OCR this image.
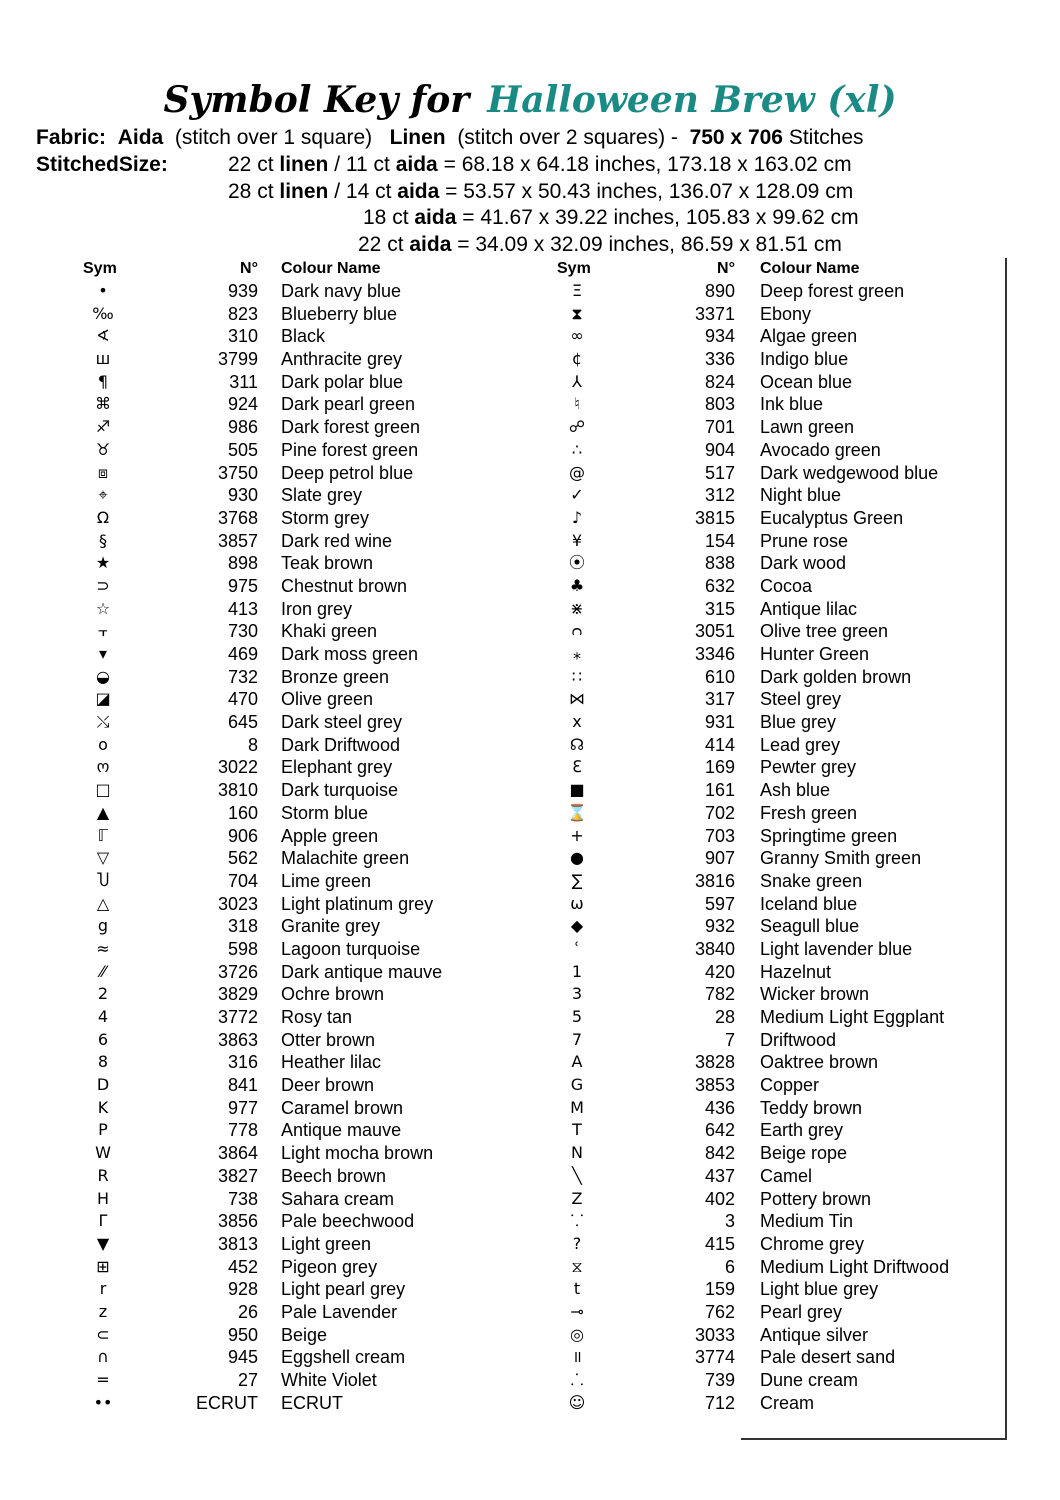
Symbol Key for Halloween Brew (xl)
Fabric: Aida (stitch over 1 square) Linen (stitch over 2 squares) - 750 x 706 Stitches
StitchedSize:	22 ct linen / 11 ct aida = 68.18 x 64.18 inches, 173.18 x 163.02 cm
28 ct linen / 14 ct aida = 53.57 x 50.43 inches, 136.07 x 128.09 cm
18 ct aida = 41.67 x 39.22 inches, 105.83 x 99.62 cm
22 ct aida = 34.09 x 32.09 inches, 86.59 x 81.51 cm
Sym	N° Colour Name
•	939 Dark navy blue
‰	823 Blueberry blue
∢	310 Black
ш	3799 Anthracite grey
¶	311 Dark polar blue
⌘	924 Dark pearl green
♐	986 Dark forest green
♉	505 Pine forest green
⧈	3750 Deep petrol blue
⌖	930 Slate grey
Ω	3768 Storm grey
§	3857 Dark red wine
★	898 Teak brown
⊃	975 Chestnut brown
☆	413 Iron grey
⫟	730 Khaki green
▾	469 Dark moss green
◒	732 Bronze green
◪	470 Olive green
⤯	645 Dark steel grey
o	8 Dark Driftwood
ო	3022 Elephant grey
□	3810 Dark turquoise
▲	160 Storm blue
ℾ	906 Apple green
▽	562 Malachite green
Ⴎ	704 Lime green
△	3023 Light platinum grey
g	318 Granite grey
≈	598 Lagoon turquoise
⁄⁄	3726 Dark antique mauve
2	3829 Ochre brown
4	3772 Rosy tan
6	3863 Otter brown
8	316 Heather lilac
D	841 Deer brown
K	977 Caramel brown
P	778 Antique mauve
W	3864 Light mocha brown
R	3827 Beech brown
H	738 Sahara cream
Γ	3856 Pale beechwood
▼	3813 Light green
⊞	452 Pigeon grey
r	928 Light pearl grey
z	26 Pale Lavender
⊂	950 Beige
∩	945 Eggshell cream
=	27 White Violet
••	ECRUT ECRUT
Sym	N° Colour Name
Ξ	890 Deep forest green
⧗	3371 Ebony
∞	934 Algae green
¢	336 Indigo blue
⅄	824 Ocean blue
♮	803 Ink blue
☍	701 Lawn green
∴	904 Avocado green
@	517 Dark wedgewood blue
✓	312 Night blue
♪	3815 Eucalyptus Green
¥	154 Prune rose
⦿	838 Dark wood
♣	632 Cocoa
⋇	315 Antique lilac
ᴒ	3051 Olive tree green
⁎	3346 Hunter Green
∷	610 Dark golden brown
⋈	317 Steel grey
x	931 Blue grey
☊	414 Lead grey
ℇ	169 Pewter grey
■	161 Ash blue
⌛	702 Fresh green
+	703 Springtime green
●	907 Granny Smith green
∑	3816 Snake green
ω	597 Iceland blue
◆	932 Seagull blue
ʿ	3840 Light lavender blue
1	420 Hazelnut
3	782 Wicker brown
5	28 Medium Light Eggplant
7	7 Driftwood
A	3828 Oaktree brown
G	3853 Copper
M	436 Teddy brown
T	642 Earth grey
N	842 Beige rope
╲	437 Camel
Z	402 Pottery brown
⸪	3 Medium Tin
?	415 Chrome grey
⧖	6 Medium Light Driftwood
t	159 Light blue grey
⊸	762 Pearl grey
◎	3033 Antique silver
॥	3774 Pale desert sand
⸫	739 Dune cream
☺	712 Cream
